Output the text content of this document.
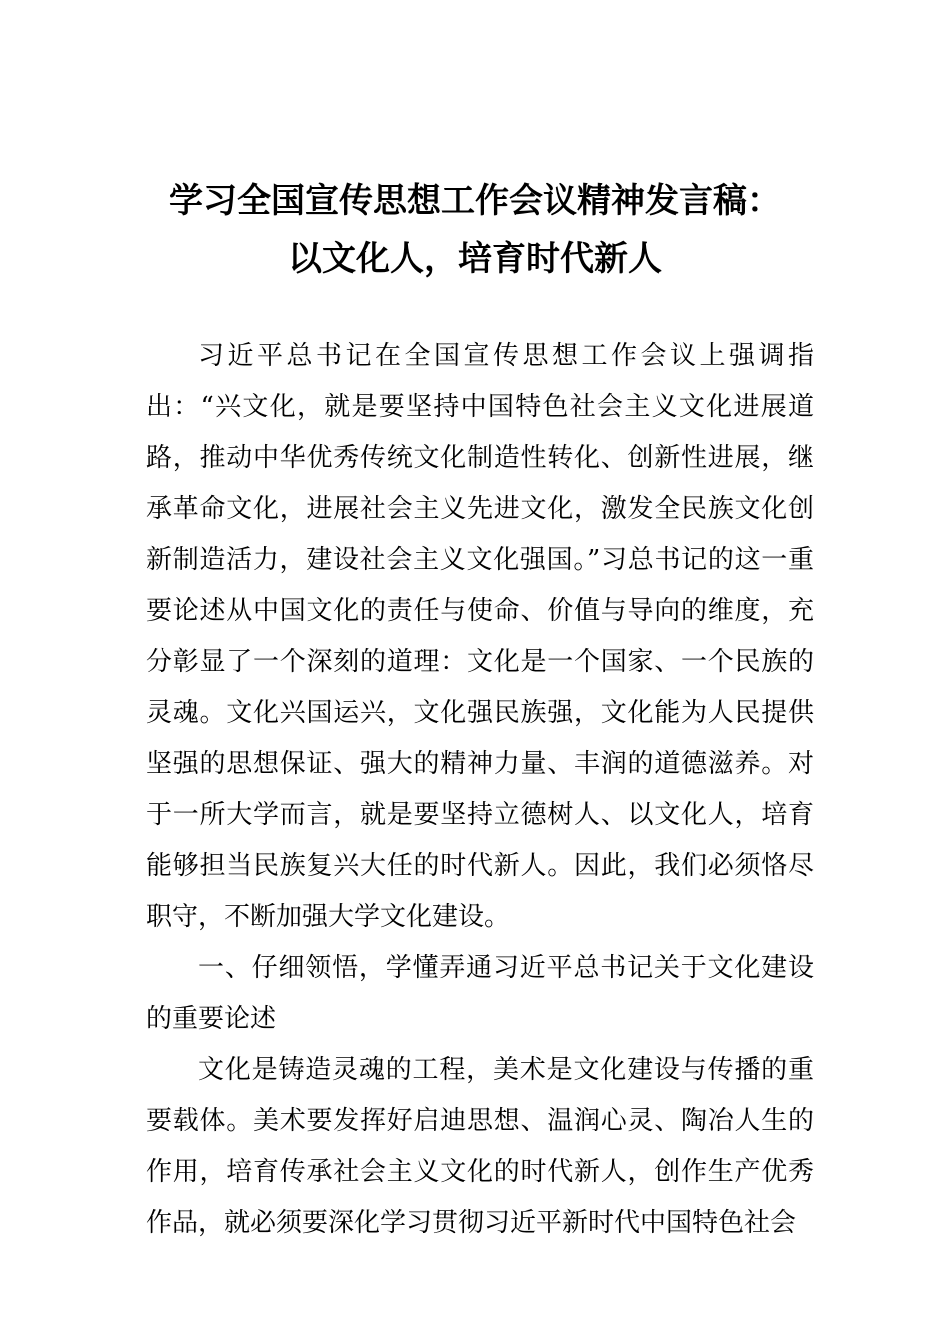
学习全国宣传思想工作会议精神发言稿：
以文化人，培育时代新人

习近平总书记在全国宣传思想工作会议上强调指出：“兴文化，就是要坚持中国特色社会主义文化进展道路，推动中华优秀传统文化制造性转化、创新性进展，继承革命文化，进展社会主义先进文化，激发全民族文化创新制造活力，建设社会主义文化强国。”习总书记的这一重要论述从中国文化的责任与使命、价值与导向的维度，充分彰显了一个深刻的道理：文化是一个国家、一个民族的灵魂。文化兴国运兴，文化强民族强，文化能为人民提供坚强的思想保证、强大的精神力量、丰润的道德滋养。对于一所大学而言，就是要坚持立德树人、以文化人，培育能够担当民族复兴大任的时代新人。因此，我们必须恪尽职守，不断加强大学文化建设。

一、仔细领悟，学懂弄通习近平总书记关于文化建设的重要论述

文化是铸造灵魂的工程，美术是文化建设与传播的重要载体。美术要发挥好启迪思想、温润心灵、陶冶人生的作用，培育传承社会主义文化的时代新人，创作生产优秀作品，就必须要深化学习贯彻习近平新时代中国特色社会
